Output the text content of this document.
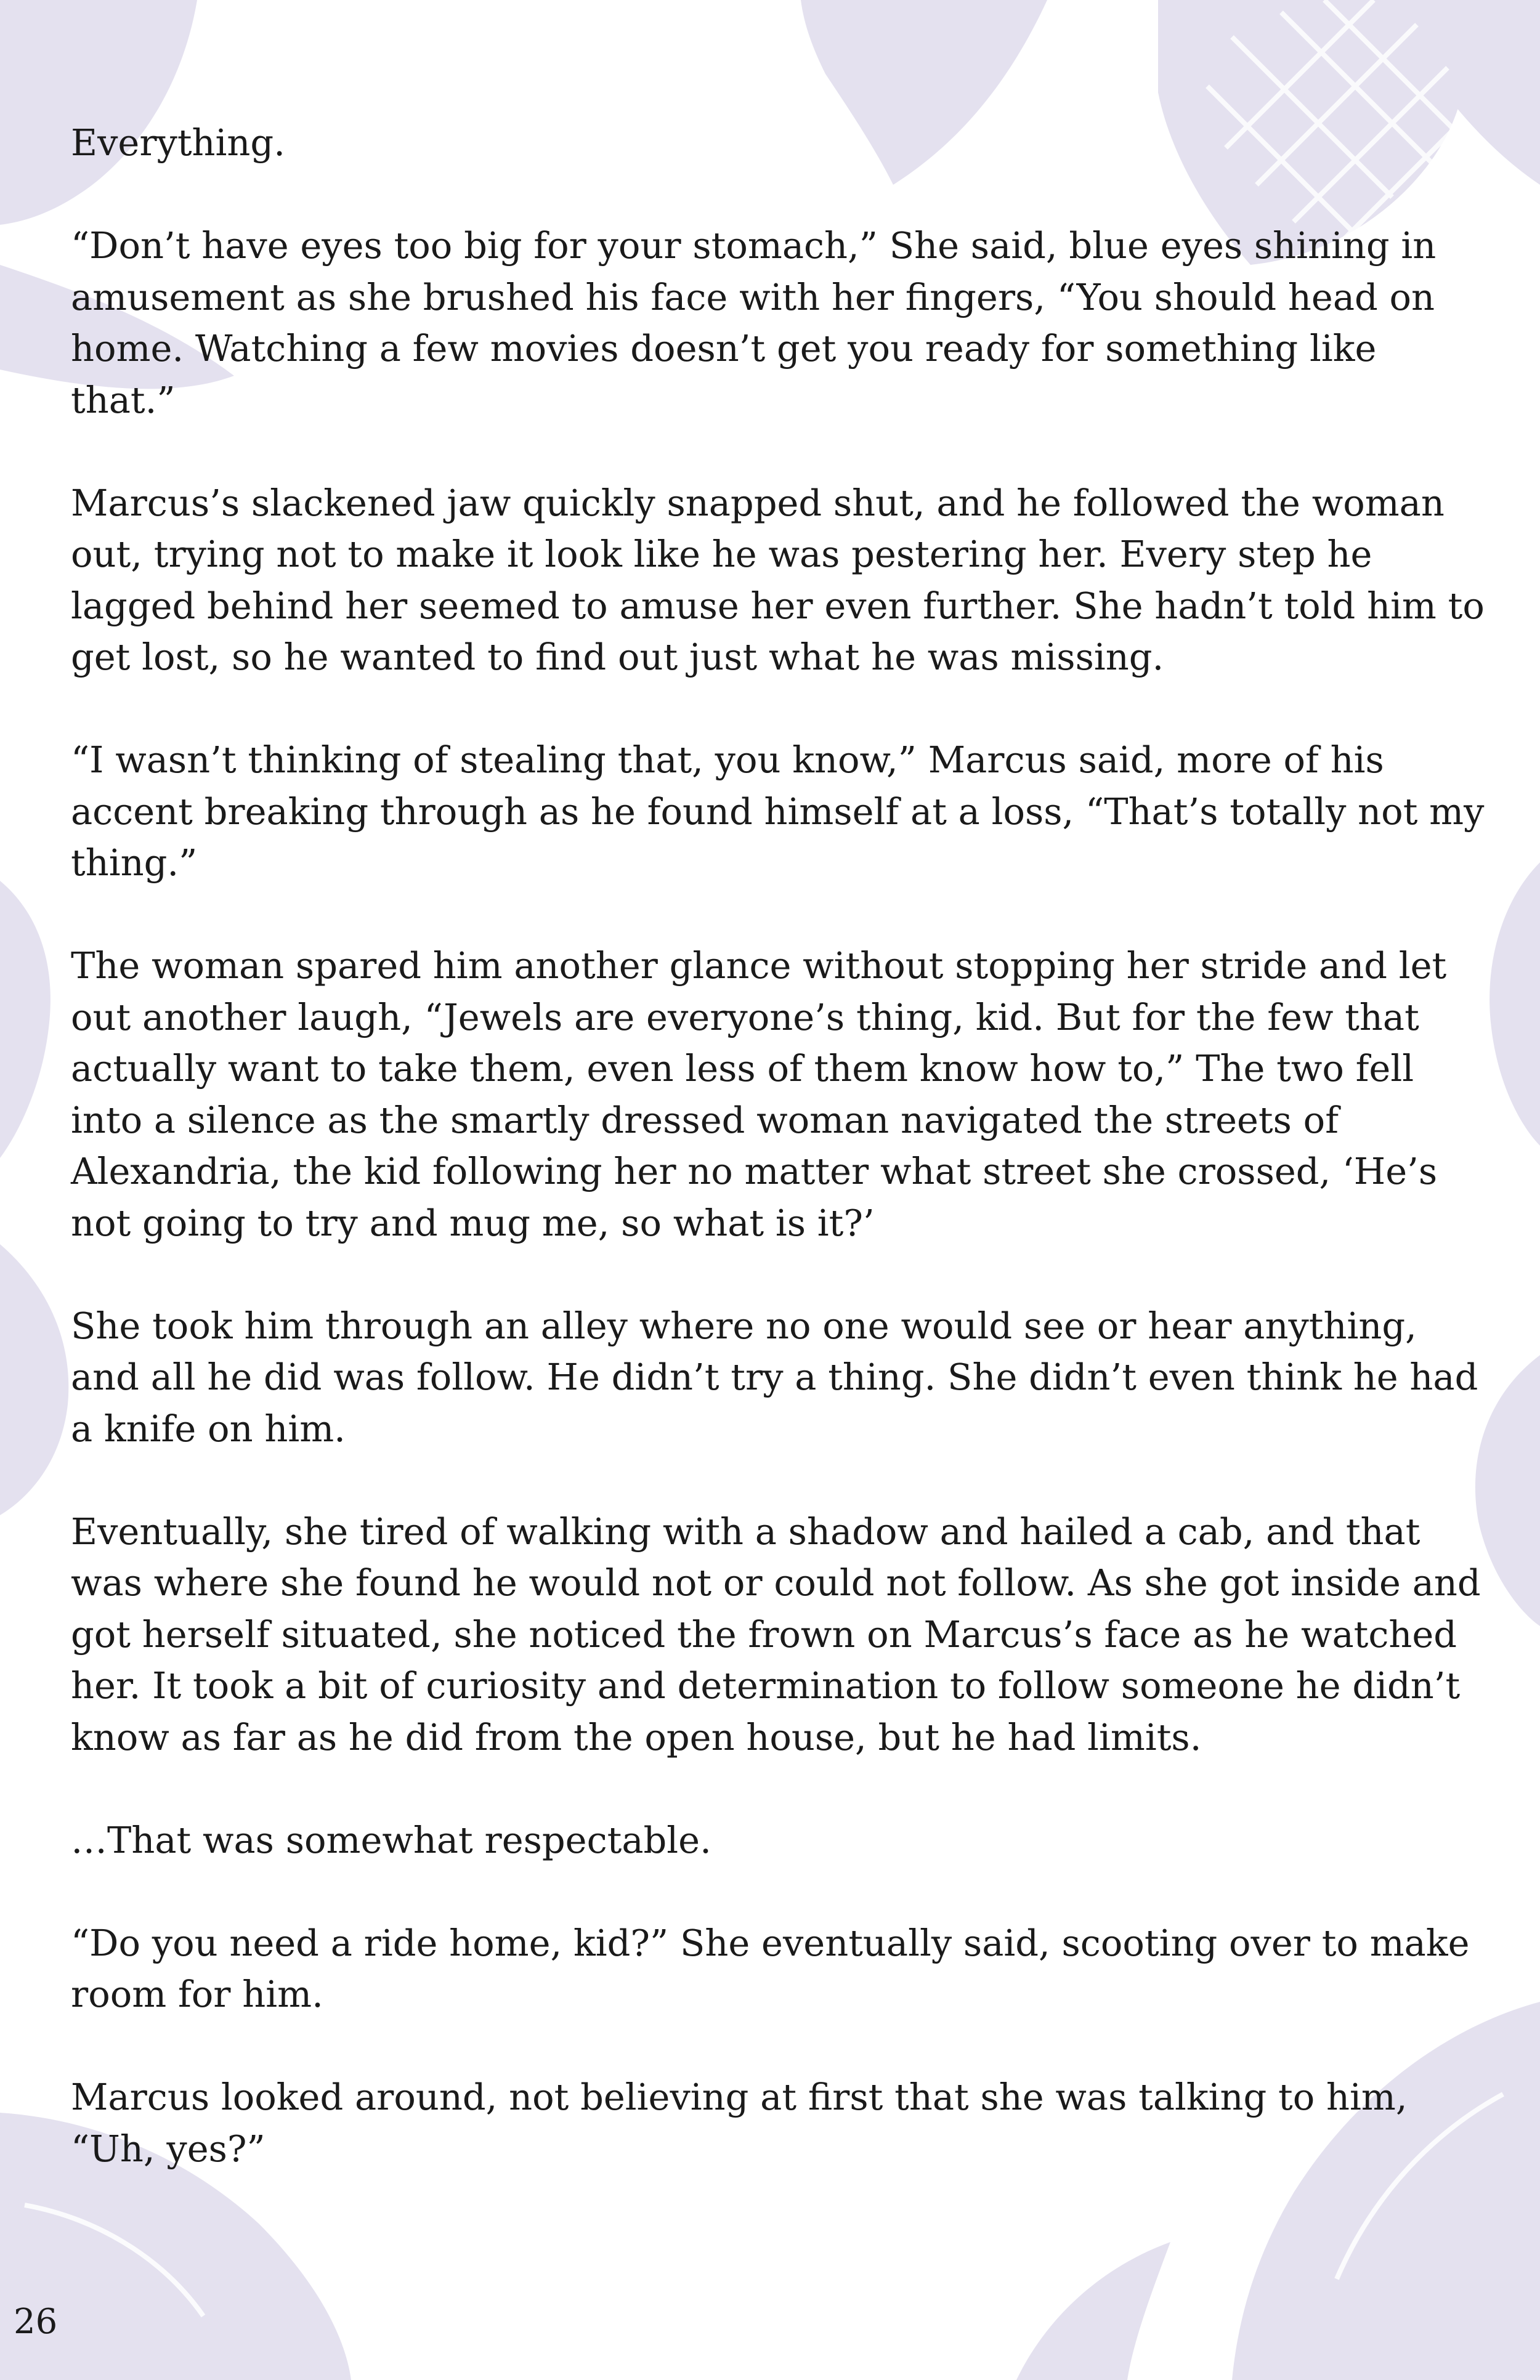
Everything.

“Don’t have eyes too big for your stomach,” She said, blue eyes shining in amusement as she brushed his face with her fingers, “You should head on home. Watching a few movies doesn’t get you ready for something like that.”

Marcus’s slackened jaw quickly snapped shut, and he followed the woman out, trying not to make it look like he was pestering her. Every step he lagged behind her seemed to amuse her even further. She hadn’t told him to get lost, so he wanted to find out just what he was missing.

“I wasn’t thinking of stealing that, you know,” Marcus said, more of his accent breaking through as he found himself at a loss, “That’s totally not my thing.”

The woman spared him another glance without stopping her stride and let out another laugh, “Jewels are everyone’s thing, kid. But for the few that actually want to take them, even less of them know how to,” The two fell into a silence as the smartly dressed woman navigated the streets of Alexandria, the kid following her no matter what street she crossed, ‘He’s not going to try and mug me, so what is it?’

She took him through an alley where no one would see or hear anything, and all he did was follow. He didn’t try a thing. She didn’t even think he had a knife on him.

Eventually, she tired of walking with a shadow and hailed a cab, and that was where she found he would not or could not follow. As she got inside and got herself situated, she noticed the frown on Marcus’s face as he watched her. It took a bit of curiosity and determination to follow someone he didn’t know as far as he did from the open house, but he had limits.

…That was somewhat respectable.

“Do you need a ride home, kid?” She eventually said, scooting over to make room for him.

Marcus looked around, not believing at first that she was talking to him, “Uh, yes?”

26
